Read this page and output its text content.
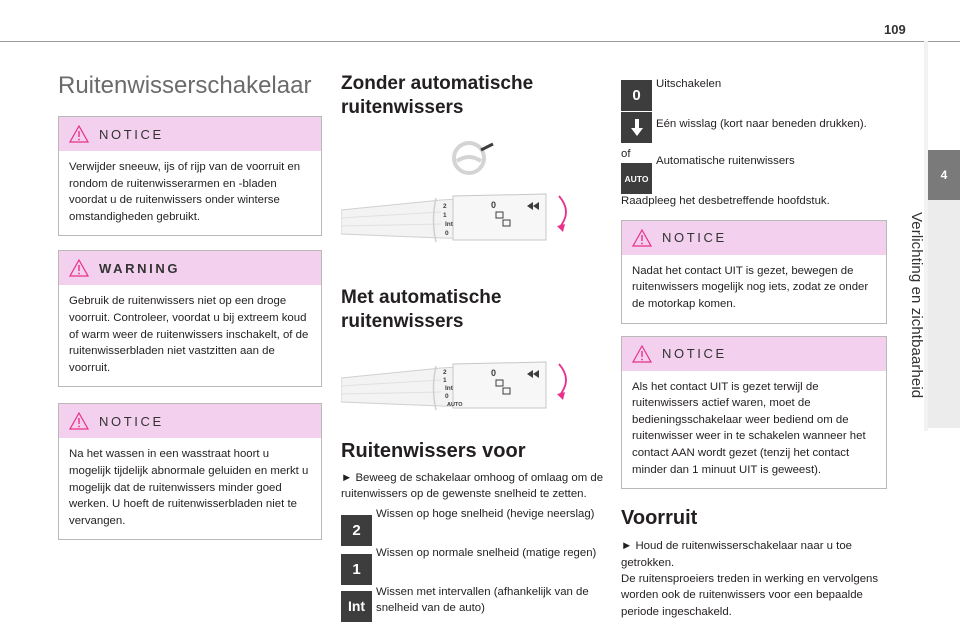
109
4
Verlichting en zichtbaarheid
Ruitenwisserschakelaar
NOTICE
Verwijder sneeuw, ijs of rijp van de voorruit en rondom de ruitenwisserarmen en -bladen voordat u de ruitenwissers onder winterse omstandigheden gebruikt.
WARNING
Gebruik de ruitenwissers niet op een droge voorruit. Controleer, voordat u bij extreem koud of warm weer de ruitenwissers inschakelt, of de ruitenwisserbladen niet vastzitten aan de voorruit.
NOTICE
Na het wassen in een wasstraat hoort u mogelijk tijdelijk abnormale geluiden en merkt u mogelijk dat de ruitenwissers minder goed werken. U hoeft de ruitenwisserbladen niet te vervangen.
Zonder automatische ruitenwissers
2
1
Int
0
0
Met automatische ruitenwissers
2
1
Int
0
AUTO
0
Ruitenwissers voor
► Beweeg de schakelaar omhoog of omlaag om de ruitenwissers op de gewenste snelheid te zetten.
2
Wissen op hoge snelheid (hevige neerslag)
1
Wissen op normale snelheid (matige regen)
Int
Wissen met intervallen (afhankelijk van de snelheid van de auto)
0
Uitschakelen
Eén wisslag (kort naar beneden drukken).
of
AUTO
Automatische ruitenwissers
Raadpleeg het desbetreffende hoofdstuk.
NOTICE
Nadat het contact UIT is gezet, bewegen de ruitenwissers mogelijk nog iets, zodat ze onder de motorkap komen.
NOTICE
Als het contact UIT is gezet terwijl de ruitenwissers actief waren, moet de bedieningsschakelaar weer bediend om de ruitenwisser weer in te schakelen wanneer het contact AAN wordt gezet (tenzij het contact minder dan 1 minuut UIT is geweest).
Voorruit
► Houd de ruitenwisserschakelaar naar u toe getrokken.
De ruitensproeiers treden in werking en vervolgens worden ook de ruitenwissers voor een bepaalde periode ingeschakeld.
